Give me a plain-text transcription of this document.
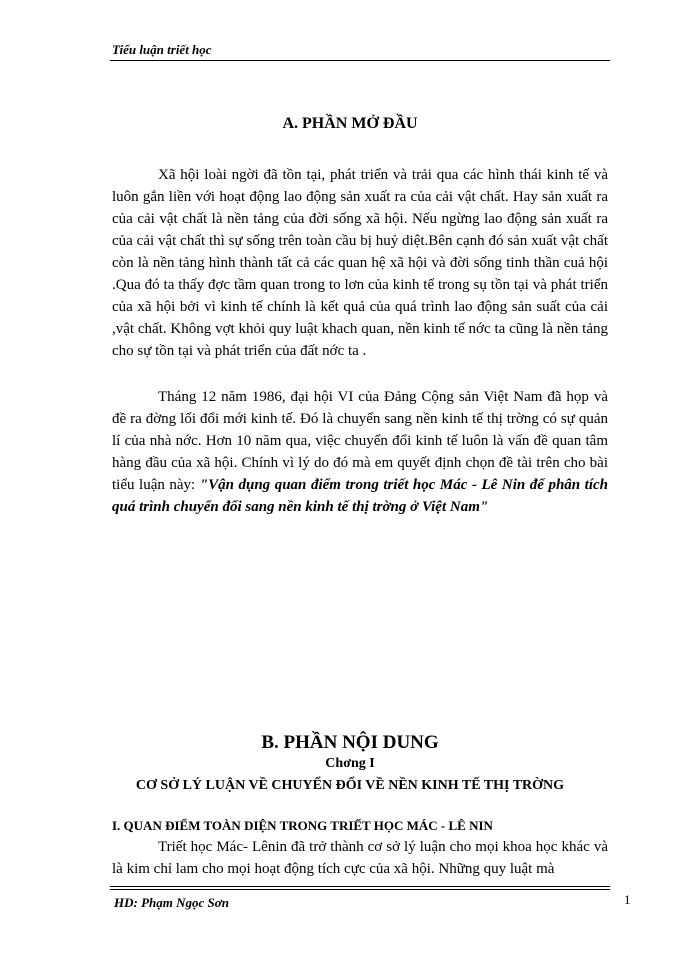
Tiểu luận triết học
A. PHẦN MỞ ĐẦU
Xã hội loài ngời đã tồn tại, phát triển và trải qua các hình thái kinh tế và luôn gắn liền với hoạt động lao động sản xuất ra của cải vật chất. Hay sản xuất ra của cải vật chất là nền tảng của đời sống xã hội. Nếu ngừng lao động sản xuất ra của cải vật chất thì sự sống trên toàn cầu bị huỷ diệt.Bên cạnh đó sản xuất vật chất còn là nền tảng hình thành tất cả các quan hệ xã hội và đời sống tinh thần cuả hội .Qua đó ta thấy đợc tầm quan trong to lơn của kinh tế trong sụ tồn tại và phát triển của xã hội bởi vì kinh tế chính là kết quả của quá trình lao động sản suất của cải ,vật chất. Không vợt khỏi quy luật khach quan, nền kinh tế nớc ta cũng là nền tảng cho sự tồn tại và phát triển của đất nớc ta .
Tháng 12 năm 1986, đại hội VI của Đảng Cộng sản Việt Nam đã họp và đề ra đờng lối đổi mới kinh tế. Đó là chuyển sang nền kinh tế thị trờng có sự quản lí của nhà nớc. Hơn 10 năm qua, việc chuyển đổi kinh tế luôn là vấn đề quan tâm hàng đầu của xã hội. Chính vì lý do đó mà em quyết định chọn đề tài trên cho bài tiểu luận này: "Vận dụng quan điểm trong triết học Mác - Lê Nin để phân tích quá trình chuyển đổi sang nền kinh tế thị trờng ở Việt Nam"
B. PHẦN NỘI DUNG
Chơng I
CƠ SỞ LÝ LUẬN VỀ CHUYỂN ĐỔI VỀ NỀN KINH TẾ THỊ TRỜNG
I. QUAN ĐIỂM TOÀN DIỆN TRONG TRIẾT HỌC MÁC - LÊ NIN
Triết học Mác- Lênin đã trở thành cơ sở lý luận cho mọi khoa học khác và là kim chỉ lam cho mọi hoạt động tích cực của xã hội. Những quy luật mà
HD: Phạm Ngọc Sơn	1
